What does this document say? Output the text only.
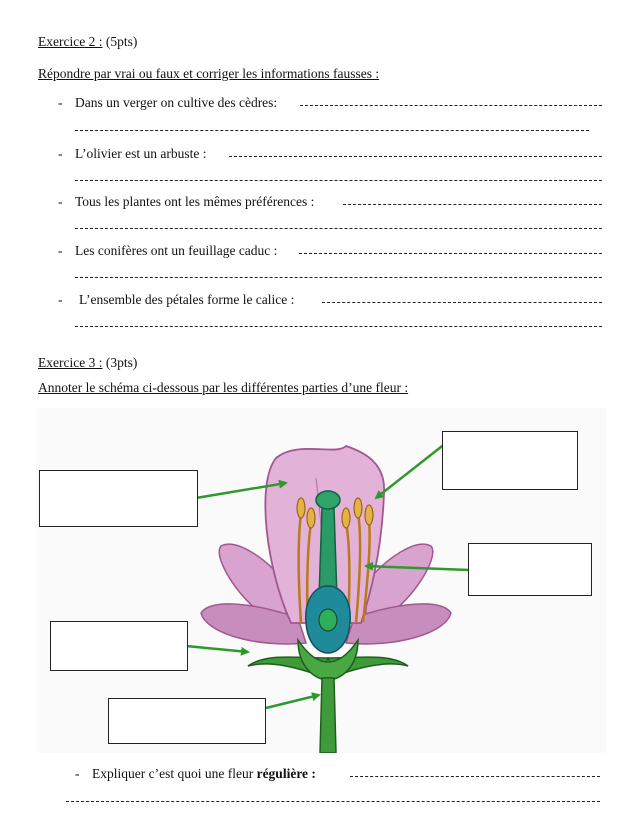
Exercice 2 : (5pts)
Répondre par vrai ou faux et corriger les informations fausses :
- Dans un verger on cultive des cèdres:
- L’olivier est un arbuste :
- Tous les plantes ont les mêmes préférences :
- Les conifères ont un feuillage caduc :
- L’ensemble des pétales forme le calice :
Exercice 3 : (3pts)
Annoter le schéma ci-dessous par les différentes parties d’une fleur :
- Expliquer c’est quoi une fleur régulière :
